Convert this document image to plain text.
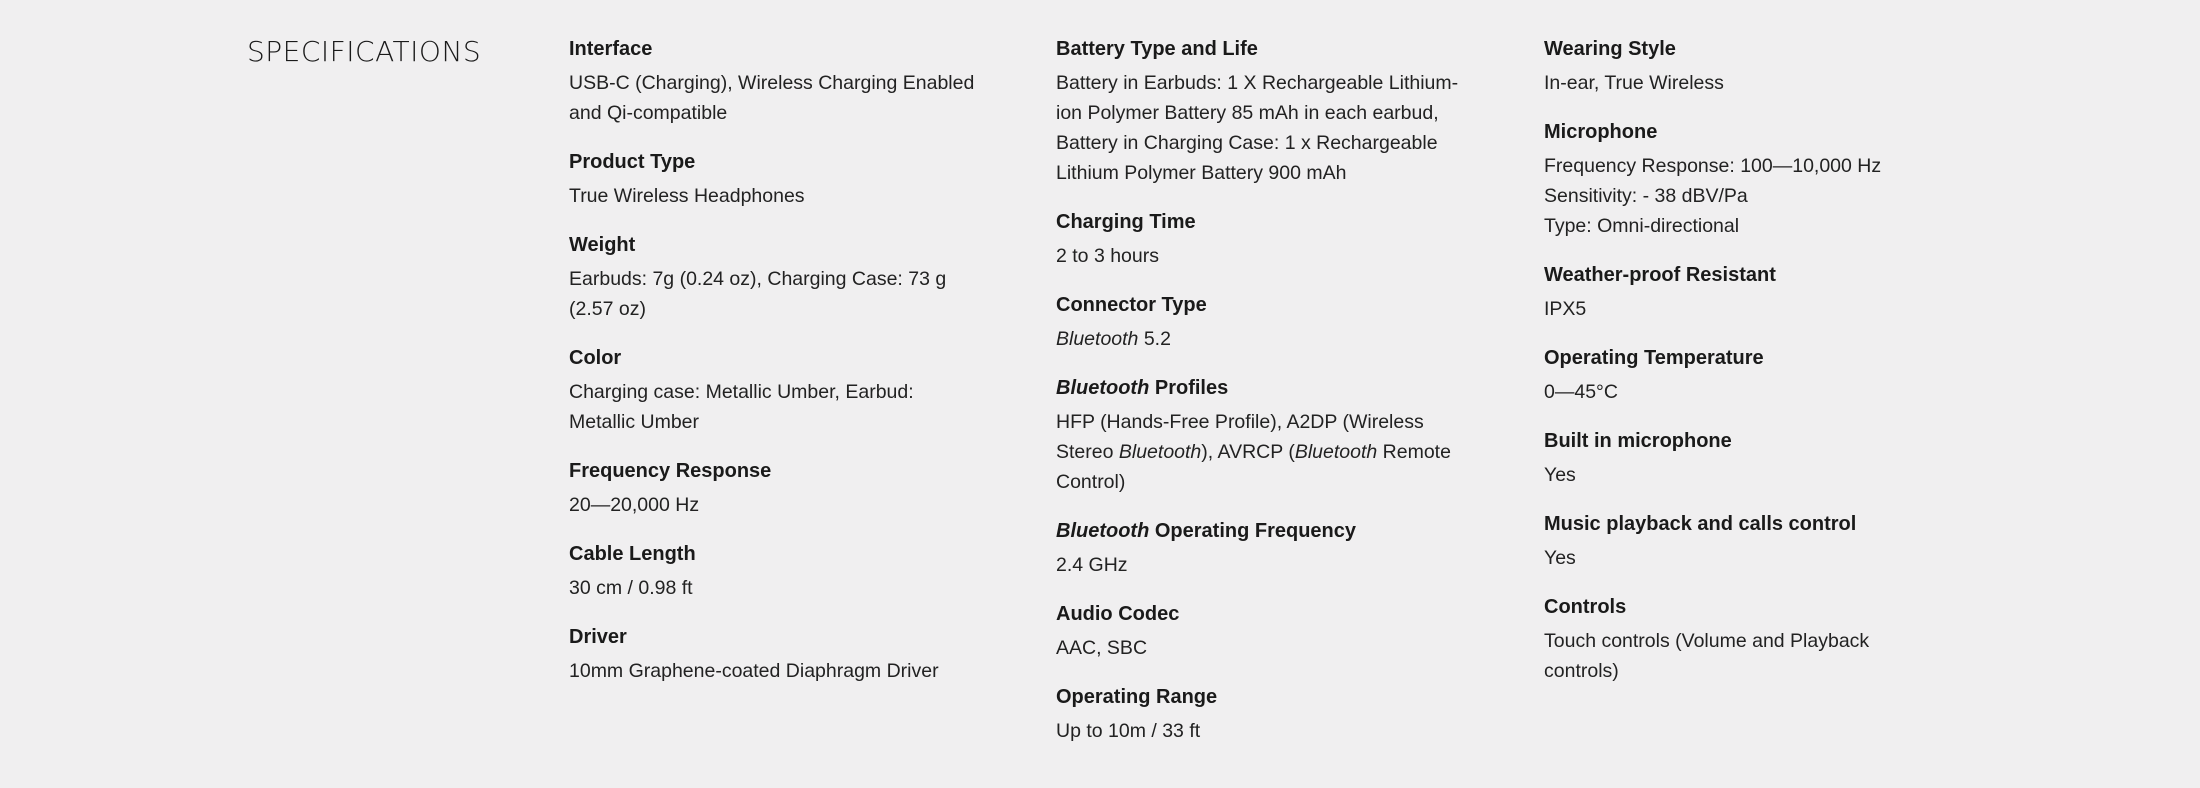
SPECIFICATIONS	Interface
USB-C (Charging), Wireless Charging Enabled
and Qi-compatible
Product Type
True Wireless Headphones
Weight
Earbuds: 7g (0.24 oz), Charging Case: 73 g
(2.57 oz)
Color
Charging case: Metallic Umber, Earbud:
Metallic Umber
Frequency Response
20—20,000 Hz
Cable Length
30 cm / 0.98 ft
Driver
10mm Graphene-coated Diaphragm Driver
Battery Type and Life
Battery in Earbuds: 1 X Rechargeable Lithium-
ion Polymer Battery 85 mAh in each earbud,
Battery in Charging Case: 1 x Rechargeable
Lithium Polymer Battery 900 mAh
Charging Time
2 to 3 hours
Connector Type
Bluetooth 5.2
Bluetooth Profiles
HFP (Hands-Free Profile), A2DP (Wireless
Stereo Bluetooth), AVRCP (Bluetooth Remote
Control)
Bluetooth Operating Frequency
2.4 GHz
Audio Codec
AAC, SBC
Operating Range
Up to 10m / 33 ft
Wearing Style
In-ear, True Wireless
Microphone
Frequency Response: 100—10,000 Hz
Sensitivity: - 38 dBV/Pa
Type: Omni-directional
Weather-proof Resistant
IPX5
Operating Temperature
0—45°C
Built in microphone
Yes
Music playback and calls control
Yes
Controls
Touch controls (Volume and Playback
controls)
